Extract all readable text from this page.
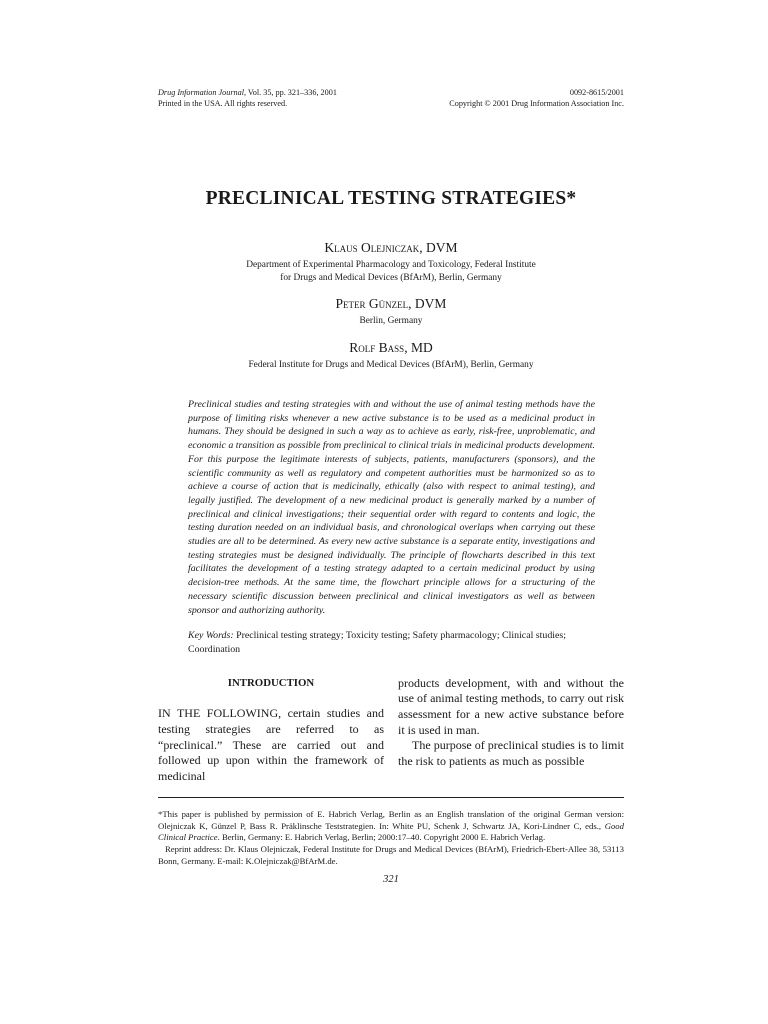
Drug Information Journal, Vol. 35, pp. 321–336, 2001
Printed in the USA. All rights reserved.
0092-8615/2001
Copyright © 2001 Drug Information Association Inc.
PRECLINICAL TESTING STRATEGIES*
Klaus Olejniczak, DVM
Department of Experimental Pharmacology and Toxicology, Federal Institute
for Drugs and Medical Devices (BfArM), Berlin, Germany
Peter Günzel, DVM
Berlin, Germany
Rolf Bass, MD
Federal Institute for Drugs and Medical Devices (BfArM), Berlin, Germany

Preclinical studies and testing strategies with and without the use of animal testing methods have the purpose of limiting risks whenever a new active substance is to be used as a medicinal product in humans. They should be designed in such a way as to achieve as early, risk-free, unproblematic, and economic a transition as possible from preclinical to clinical trials in medicinal products development. For this purpose the legitimate interests of subjects, patients, manufacturers (sponsors), and the scientific community as well as regulatory and competent authorities must be harmonized so as to achieve a course of action that is medicinally, ethically (also with respect to animal testing), and legally justified. The development of a new medicinal product is generally marked by a number of preclinical and clinical investigations; their sequential order with regard to contents and logic, the testing duration needed on an individual basis, and chronological overlaps when carrying out these studies are all to be determined. As every new active substance is a separate entity, investigations and testing strategies must be designed individually. The principle of flowcharts described in this text facilitates the development of a testing strategy adapted to a certain medicinal product by using decision-tree methods. At the same time, the flowchart principle allows for a structuring of the necessary scientific discussion between preclinical and clinical investigators as well as between sponsor and authorizing authority.

Key Words: Preclinical testing strategy; Toxicity testing; Safety pharmacology; Clinical studies; Coordination

INTRODUCTION

IN THE FOLLOWING, certain studies and testing strategies are referred to as “preclinical.” These are carried out and followed up upon within the framework of medicinal

products development, with and without the use of animal testing methods, to carry out risk assessment for a new active substance before it is used in man.

The purpose of preclinical studies is to limit the risk to patients as much as possible

*This paper is published by permission of E. Habrich Verlag, Berlin as an English translation of the original German version: Olejniczak K, Günzel P, Bass R. Präklinsche Teststrategien. In: White PU, Schenk J, Schwartz JA, Kori-Lindner C, eds., Good Clinical Practice. Berlin, Germany: E. Habrich Verlag, Berlin; 2000:17–40. Copyright 2000 E. Habrich Verlag.

Reprint address: Dr. Klaus Olejniczak, Federal Institute for Drugs and Medical Devices (BfArM), Friedrich-Ebert-Allee 38, 53113 Bonn, Germany. E-mail: K.Olejniczak@BfArM.de.

321
